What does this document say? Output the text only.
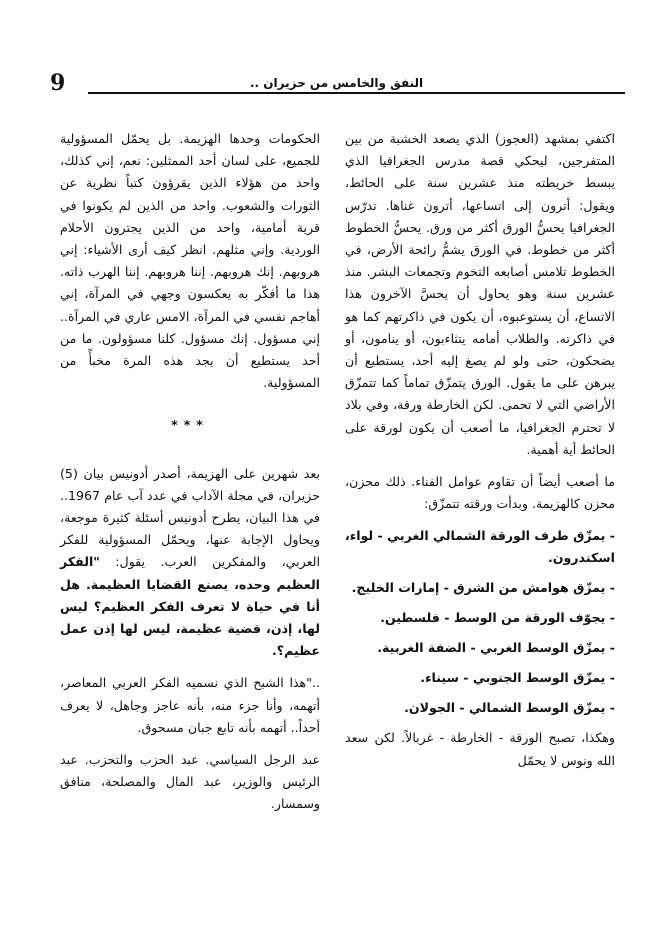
9	النفق والخامس من حزيران ..

اكتفي بمشهد (العجوز) الذي يصعد الخشبة من بين المتفرجين، ليحكي قصة مدرس الجغرافيا الذي يبسط خريطته منذ عشرين سنة على الحائط، ويقول: أترون إلى اتساعها، أترون غناها. تدرّس الجغرافيا يحسُّ الورق أكثر من ورق. يحسُّ الخطوط أكثر من خطوط. في الورق يشمُّ رائحة الأرض، في الخطوط تلامس أصابعه التخوم وتجمعات البشر. منذ عشرين سنة وهو يحاول أن يحسَّ الآخرون هذا الاتساع، أن يستوعبوه، أن يكون في ذاكرتهم كما هو في ذاكرته. والطلاب أمامه يتثاءبون، أو ينامون، أو يضحكون، حتى ولو لم يصغ إليه أحد، يستطيع أن يبرهن على ما يقول. الورق يتمزّق تماماً كما تتمزّق الأراضي التي لا تحمى. لكن الخارطة ورقة، وفي بلاد لا تحترم الجغرافيا، ما أصعب أن يكون لورقة على الحائط أية أهمية.

ما أصعب أيضاً أن تقاوم عوامل الفناء. ذلك محزن، محزن كالهزيمة. وبدأت ورقته تتمزّق:

- يمزّق طرف الورقة الشمالي الغربي - لواء، اسكندرون.
- يمزّق هوامش من الشرق - إمارات الخليج.
- يجوّف الورقة من الوسط - فلسطين.
- يمزّق الوسط الغربي - الضفة الغربية.
- يمزّق الوسط الجنوبي - سيناء.
- يمزّق الوسط الشمالي - الجولان.

وهكذا، تصبح الورقة - الخارطة - غربالاً. لكن سعد الله ونوس لا يحمّل

الحكومات وحدها الهزيمة. بل يحمّل المسؤولية للجميع، على لسان أحد الممثلين: نعم، إني كذلك، واحد من هؤلاء الذين يقرؤون كتباً نظرية عن الثورات والشعوب. واحد من الذين لم يكونوا في قرية أمامية، واحد من الذين يجترون الأحلام الوردية. وإني مثلهم. انظر كيف أرى الأشياء: إني هروبهم. إنك هروبهم. إننا هروبهم. إننا الهرب ذاته. هذا ما أفكّر به يعكسون وجهي في المرآة، إني أهاجم نفسي في المرآة، الامس عاري في المرآة.. إني مسؤول. إنك مسؤول. كلنا مسؤولون. ما من أحد يستطيع أن يجد هذه المرة مخبأً من المسؤولية.

***

بعد شهرين على الهزيمة، أصدر أدونيس بيان (5) حزيران، في مجلة الآداب في عدد آب عام 1967.. في هذا البيان، يطرح أدونيس أسئلة كثيرة موجعة، ويحاول الإجابة عنها، ويحمّل المسؤولية للفكر العربي، والمفكرين العرب. يقول: "الفكر العظيم وحده، يصنع القضايا العظيمة. هل أنا في حياة لا تعرف الفكر العظيم؟ ليس لها، إذن، قضية عظيمة، ليس لها إذن عمل عظيم؟.

.."هذا الشبح الذي نسميه الفكر العربي المعاصر، أتهمه، وأنا جزء منه، بأنه عاجز وجاهل، لا يعرف أحداً.. أتهمه بأنه تابع جبان مسحوق.

عبد الرجل السياسي. عبد الحزب والتحزب. عبد الرئيس والوزير، عبد المال والمصلحة، منافق وسمسار.
